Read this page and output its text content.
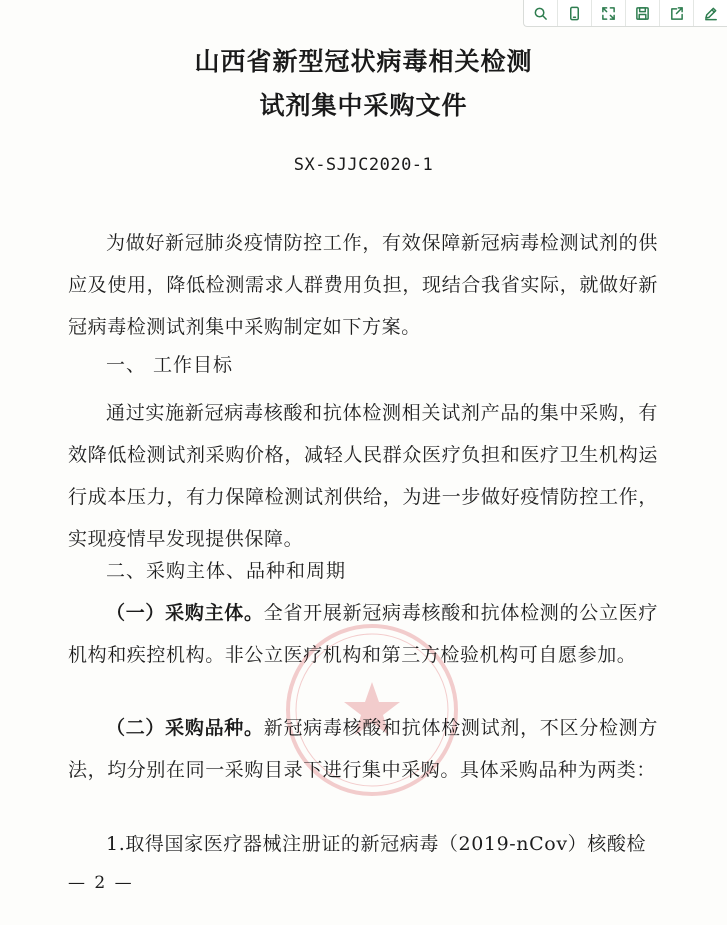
山西省新型冠状病毒相关检测
试剂集中采购文件
SX-SJJC2020-1
为做好新冠肺炎疫情防控工作，有效保障新冠病毒检测试剂的供应及使用，降低检测需求人群费用负担，现结合我省实际，就做好新冠病毒检测试剂集中采购制定如下方案。
一、 工作目标
通过实施新冠病毒核酸和抗体检测相关试剂产品的集中采购，有效降低检测试剂采购价格，减轻人民群众医疗负担和医疗卫生机构运行成本压力，有力保障检测试剂供给，为进一步做好疫情防控工作，实现疫情早发现提供保障。
二、采购主体、品种和周期
（一）采购主体。全省开展新冠病毒核酸和抗体检测的公立医疗机构和疾控机构。非公立医疗机构和第三方检验机构可自愿参加。
（二）采购品种。新冠病毒核酸和抗体检测试剂，不区分检测方法，均分别在同一采购目录下进行集中采购。具体采购品种为两类：
1.取得国家医疗器械注册证的新冠病毒（2019-nCov）核酸检
— 2 —
